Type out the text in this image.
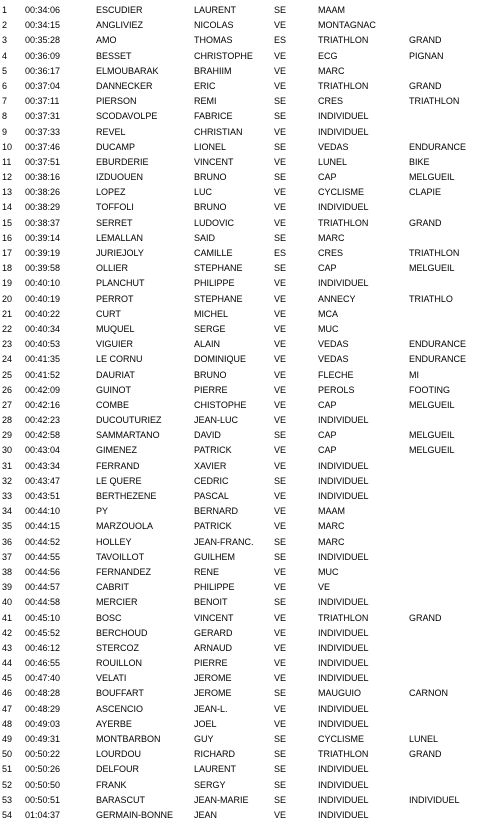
1	00:34:06	ESCUDIER	LAURENT	SE	MAAM
2	00:34:15	ANGLIVIEZ	NICOLAS	VE	MONTAGNAC
3	00:35:28	AMO	THOMAS	ES	TRIATHLON	GRAND
4	00:36:09	BESSET	CHRISTOPHE	VE	ECG	PIGNAN
5	00:36:17	ELMOUBARAK	BRAHIIM	VE	MARC
6	00:37:04	DANNECKER	ERIC	VE	TRIATHLON	GRAND
7	00:37:11	PIERSON	REMI	SE	CRES	TRIATHLON
8	00:37:31	SCODAVOLPE	FABRICE	SE	INDIVIDUEL
9	00:37:33	REVEL	CHRISTIAN	VE	INDIVIDUEL
10	00:37:46	DUCAMP	LIONEL	SE	VEDAS	ENDURANCE
11	00:37:51	EBURDERIE	VINCENT	VE	LUNEL	BIKE
12	00:38:16	IZDUOUEN	BRUNO	SE	CAP	MELGUEIL
13	00:38:26	LOPEZ	LUC	VE	CYCLISME	CLAPIE
14	00:38:29	TOFFOLI	BRUNO	VE	INDIVIDUEL
15	00:38:37	SERRET	LUDOVIC	VE	TRIATHLON	GRAND
16	00:39:14	LEMALLAN	SAID	SE	MARC
17	00:39:19	JURIEJOLY	CAMILLE	ES	CRES	TRIATHLON
18	00:39:58	OLLIER	STEPHANE	SE	CAP	MELGUEIL
19	00:40:10	PLANCHUT	PHILIPPE	VE	INDIVIDUEL
20	00:40:19	PERROT	STEPHANE	VE	ANNECY	TRIATHLO
21	00:40:22	CURT	MICHEL	VE	MCA
22	00:40:34	MUQUEL	SERGE	VE	MUC
23	00:40:53	VIGUIER	ALAIN	VE	VEDAS	ENDURANCE
24	00:41:35	LE CORNU	DOMINIQUE	VE	VEDAS	ENDURANCE
25	00:41:52	DAURIAT	BRUNO	VE	FLECHE	MI
26	00:42:09	GUINOT	PIERRE	VE	PEROLS	FOOTING
27	00:42:16	COMBE	CHISTOPHE	VE	CAP	MELGUEIL
28	00:42:23	DUCOUTURIEZ	JEAN-LUC	VE	INDIVIDUEL
29	00:42:58	SAMMARTANO	DAVID	SE	CAP	MELGUEIL
30	00:43:04	GIMENEZ	PATRICK	VE	CAP	MELGUEIL
31	00:43:34	FERRAND	XAVIER	VE	INDIVIDUEL
32	00:43:47	LE QUERE	CEDRIC	SE	INDIVIDUEL
33	00:43:51	BERTHEZENE	PASCAL	VE	INDIVIDUEL
34	00:44:10	PY	BERNARD	VE	MAAM
35	00:44:15	MARZOUOLA	PATRICK	VE	MARC
36	00:44:52	HOLLEY	JEAN-FRANC.	SE	MARC
37	00:44:55	TAVOILLOT	GUILHEM	SE	INDIVIDUEL
38	00:44:56	FERNANDEZ	RENE	VE	MUC
39	00:44:57	CABRIT	PHILIPPE	VE	VE
40	00:44:58	MERCIER	BENOIT	SE	INDIVIDUEL
41	00:45:10	BOSC	VINCENT	VE	TRIATHLON	GRAND
42	00:45:52	BERCHOUD	GERARD	VE	INDIVIDUEL
43	00:46:12	STERCOZ	ARNAUD	VE	INDIVIDUEL
44	00:46:55	ROUILLON	PIERRE	VE	INDIVIDUEL
45	00:47:40	VELATI	JEROME	VE	INDIVIDUEL
46	00:48:28	BOUFFART	JEROME	SE	MAUGUIO	CARNON
47	00:48:29	ASCENCIO	JEAN-L.	VE	INDIVIDUEL
48	00:49:03	AYERBE	JOEL	VE	INDIVIDUEL
49	00:49:31	MONTBARBON	GUY	SE	CYCLISME	LUNEL
50	00:50:22	LOURDOU	RICHARD	SE	TRIATHLON	GRAND
51	00:50:26	DELFOUR	LAURENT	SE	INDIVIDUEL
52	00:50:50	FRANK	SERGY	SE	INDIVIDUEL
53	00:50:51	BARASCUT	JEAN-MARIE	SE	INDIVIDUEL	INDIVIDUEL
54	01:04:37	GERMAIN-BONNE	JEAN	VE	INDIVIDUEL
